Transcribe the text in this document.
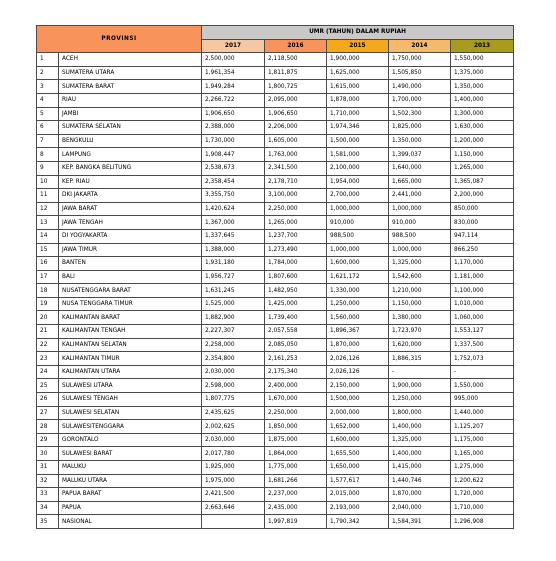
PROVINSI		UMR (TAHUN) DALAM RUPIAH				
		2017	2016	2015	2014	2013
1	ACEH	2,500,000	2,118,500	1,900,000	1,750,000	1,550,000
2	SUMATERA UTARA	1,961,354	1,811,875	1,625,000	1,505,850	1,375,000
3	SUMATERA BARAT	1,949,284	1,800,725	1,615,000	1,490,000	1,350,000
4	RIAU	2,266,722	2,095,000	1,878,000	1,700,000	1,400,000
5	JAMBI	1,906,650	1,906,650	1,710,000	1,502,300	1,300,000
6	SUMATERA SELATAN	2,388,000	2,206,000	1,974,346	1,825,000	1,630,000
7	BENGKULU	1,730,000	1,605,000	1,500,000	1,350,000	1,200,000
8	LAMPUNG	1,908,447	1,763,000	1,581,000	1,399,037	1,150,000
9	KEP. BANGKA BELITUNG	2,538,673	2,341,500	2,100,000	1,640,000	1,265,000
10	KEP. RIAU	2,358,454	2,178,710	1,954,000	1,665,000	1,365,087
11	DKI JAKARTA	3,355,750	3,100,000	2,700,000	2,441,000	2,200,000
12	JAWA BARAT	1,420,624	2,250,000	1,000,000	1,000,000	850,000
13	JAWA TENGAH	1,367,000	1,265,000	910,000	910,000	830,000
14	DI YOGYAKARTA	1,337,645	1,237,700	988,500	988,500	947,114
15	JAWA TIMUR	1,388,000	1,273,490	1,000,000	1,000,000	866,250
16	BANTEN	1,931,180	1,784,000	1,600,000	1,325,000	1,170,000
17	BALI	1,956,727	1,807,600	1,621,172	1,542,600	1,181,000
18	NUSATENGGARA BARAT	1,631,245	1,482,950	1,330,000	1,210,000	1,100,000
19	NUSA TENGGARA TIMUR	1,525,000	1,425,000	1,250,000	1,150,000	1,010,000
20	KALIMANTAN BARAT	1,882,900	1,739,400	1,560,000	1,380,000	1,060,000
21	KALIMANTAN TENGAH	2,227,307	2,057,558	1,896,367	1,723,970	1,553,127
22	KALIMANTAN SELATAN	2,258,000	2,085,050	1,870,000	1,620,000	1,337,500
23	KALIMANTAN TIMUR	2,354,800	2,161,253	2,026,126	1,886,315	1,752,073
24	KALIMANTAN UTARA	2,030,000	2,175,340	2,026,126	-	-
25	SULAWESI UTARA	2,598,000	2,400,000	2,150,000	1,900,000	1,550,000
26	SULAWESI TENGAH	1,807,775	1,670,000	1,500,000	1,250,000	995,000
27	SULAWESI SELATAN	2,435,625	2,250,000	2,000,000	1,800,000	1,440,000
28	SULAWESITENGGARA	2,002,625	1,850,000	1,652,000	1,400,000	1,125,207
29	GORONTALO	2,030,000	1,875,000	1,600,000	1,325,000	1,175,000
30	SULAWESI BARAT	2,017,780	1,864,000	1,655,500	1,400,000	1,165,000
31	MALUKU	1,925,000	1,775,000	1,650,000	1,415,000	1,275,000
32	MALUKU UTARA	1,975,000	1,681,266	1,577,617	1,440,746	1,200,622
33	PAPUA BARAT	2,421,500	2,237,000	2,015,000	1,870,000	1,720,000
34	PAPUA	2,663,646	2,435,000	2,193,000	2,040,000	1,710,000
35	NASIONAL		1,997,819	1,790,342	1,584,391	1,296,908
